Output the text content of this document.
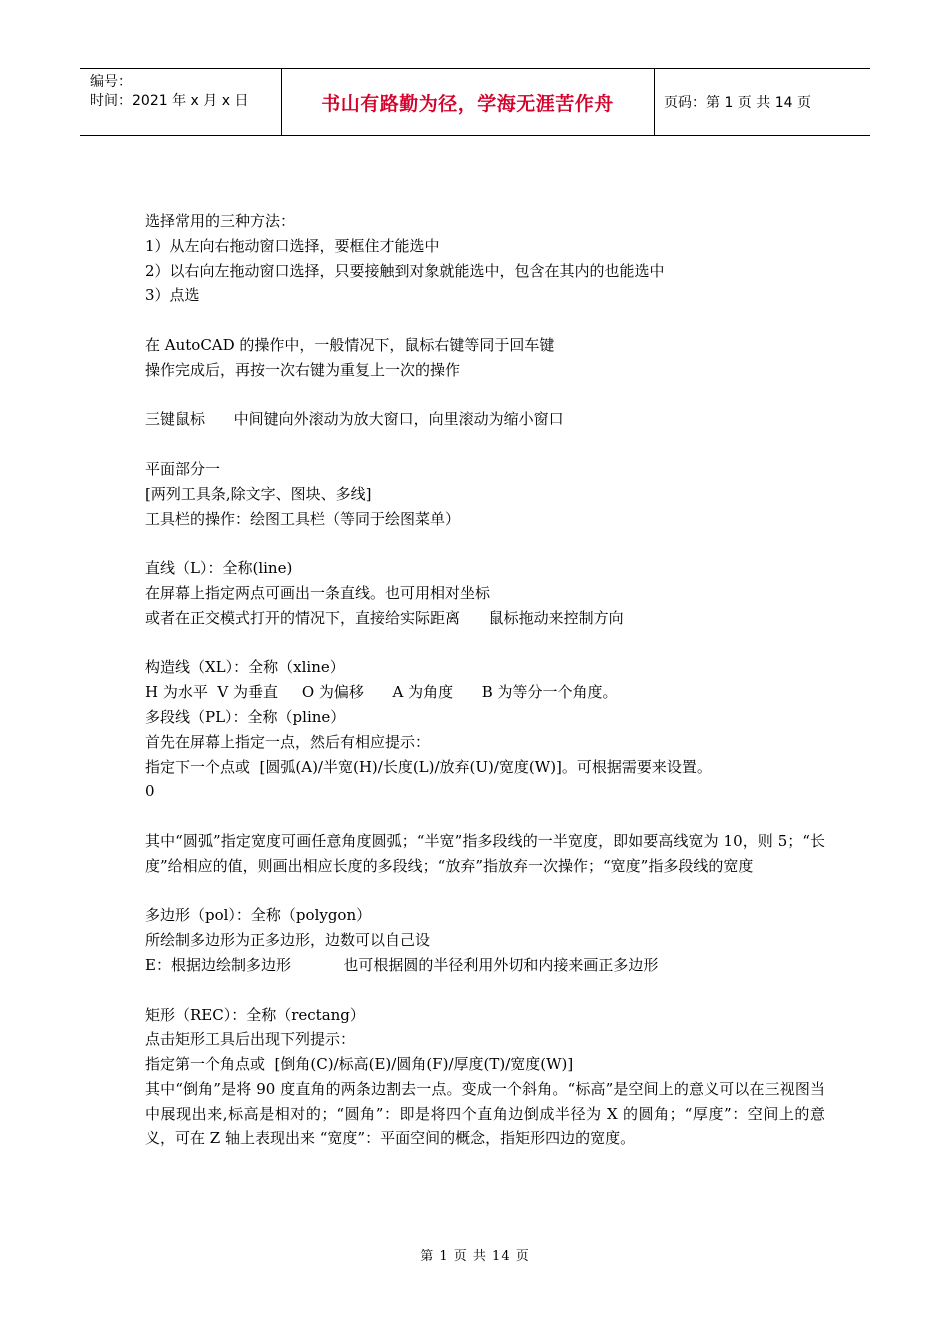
编号：
时间：2021 年 x 月 x 日	书山有路勤为径，学海无涯苦作舟	页码：第 1 页 共 14 页
选择常用的三种方法：
1）从左向右拖动窗口选择，要框住才能选中
2）以右向左拖动窗口选择，只要接触到对象就能选中，包含在其内的也能选中
3）点选
在 AutoCAD 的操作中，一般情况下，鼠标右键等同于回车键
操作完成后，再按一次右键为重复上一次的操作
三键鼠标      中间键向外滚动为放大窗口，向里滚动为缩小窗口
平面部分一
[两列工具条,除文字、图块、多线]
工具栏的操作：绘图工具栏（等同于绘图菜单）
直线（L）：全称(line)
在屏幕上指定两点可画出一条直线。也可用相对坐标
或者在正交模式打开的情况下，直接给实际距离      鼠标拖动来控制方向
构造线（XL）：全称（xline）
H 为水平  V 为垂直     O 为偏移      A 为角度      B 为等分一个角度。
多段线（PL）：全称（pline）
首先在屏幕上指定一点，然后有相应提示：
指定下一个点或  [圆弧(A)/半宽(H)/长度(L)/放弃(U)/宽度(W)]。可根据需要来设置。
0
其中“圆弧”指定宽度可画任意角度圆弧；“半宽”指多段线的一半宽度，即如要高线宽为 10，则 5；“长度”给相应的值，则画出相应长度的多段线；“放弃”指放弃一次操作；“宽度”指多段线的宽度
多边形（pol）：全称（polygon）
所绘制多边形为正多边形，边数可以自己设
E：根据边绘制多边形           也可根据圆的半径利用外切和内接来画正多边形
矩形（REC）：全称（rectang）
点击矩形工具后出现下列提示：
指定第一个角点或  [倒角(C)/标高(E)/圆角(F)/厚度(T)/宽度(W)]
其中“倒角”是将 90 度直角的两条边割去一点。变成一个斜角。“标高”是空间上的意义可以在三视图当中展现出来,标高是相对的；“圆角”：即是将四个直角边倒成半径为 X 的圆角；“厚度”：空间上的意义，可在 Z 轴上表现出来 “宽度”：平面空间的概念，指矩形四边的宽度。
第 1 页 共 14 页
